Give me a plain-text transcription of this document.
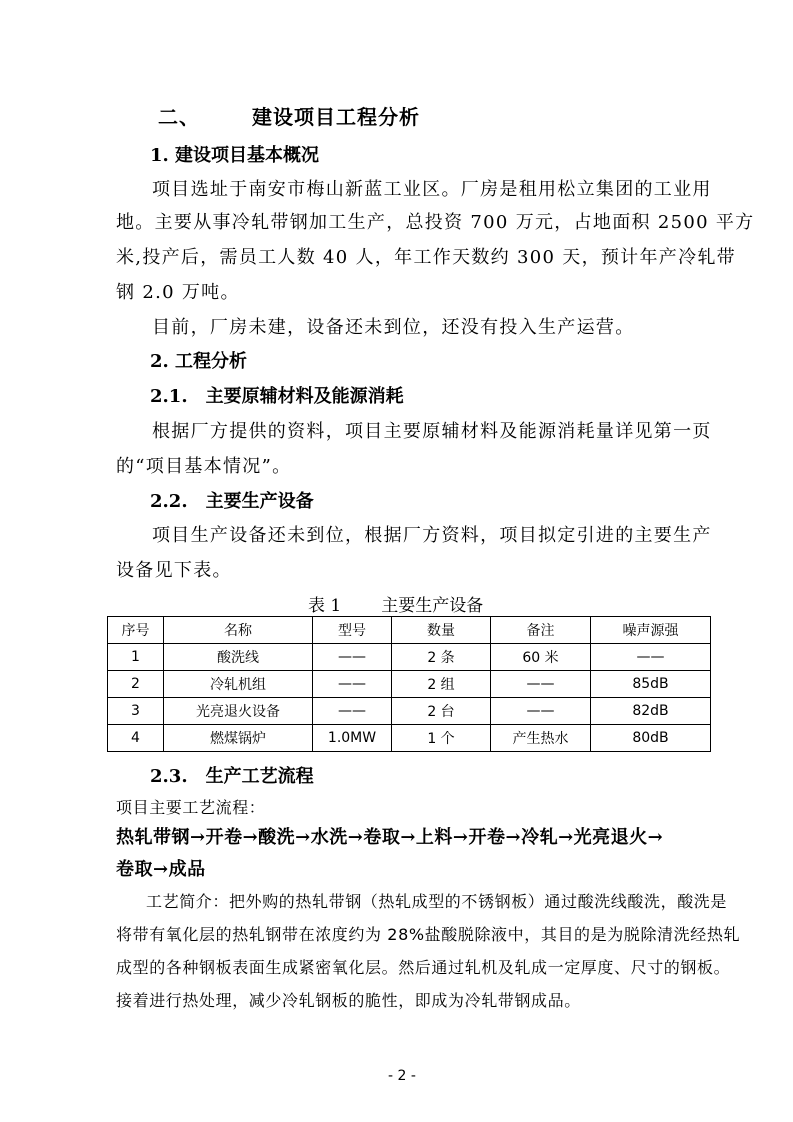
二、	建设项目工程分析
1. 建设项目基本概况
项目选址于南安市梅山新蓝工业区。厂房是租用松立集团的工业用
地。主要从事冷轧带钢加工生产，总投资 700 万元，占地面积 2500 平方
米,投产后，需员工人数 40 人，年工作天数约 300 天，预计年产冷轧带
钢 2.0 万吨。
目前，厂房未建，设备还未到位，还没有投入生产运营。
2. 工程分析
2.1.　主要原辅材料及能源消耗
根据厂方提供的资料，项目主要原辅材料及能源消耗量详见第一页
的“项目基本情况”。
2.2.　主要生产设备
项目生产设备还未到位，根据厂方资料，项目拟定引进的主要生产
设备见下表。
表 1 主要生产设备
序号	名称	型号	数量	备注	噪声源强
1	酸洗线	——	2 条	60 米	——
2	冷轧机组	——	2 组	——	85dB
3	光亮退火设备	——	2 台	——	82dB
4	燃煤锅炉	1.0MW	1 个	产生热水	80dB
2.3.　生产工艺流程
项目主要工艺流程：
热轧带钢→开卷→酸洗→水洗→卷取→上料→开卷→冷轧→光亮退火→
卷取→成品
工艺简介：把外购的热轧带钢（热轧成型的不锈钢板）通过酸洗线酸洗，酸洗是
将带有氧化层的热轧钢带在浓度约为 28%盐酸脱除液中，其目的是为脱除清洗经热轧
成型的各种钢板表面生成紧密氧化层。然后通过轧机及轧成一定厚度、尺寸的钢板。
接着进行热处理，减少冷轧钢板的脆性，即成为冷轧带钢成品。
- 2 -
